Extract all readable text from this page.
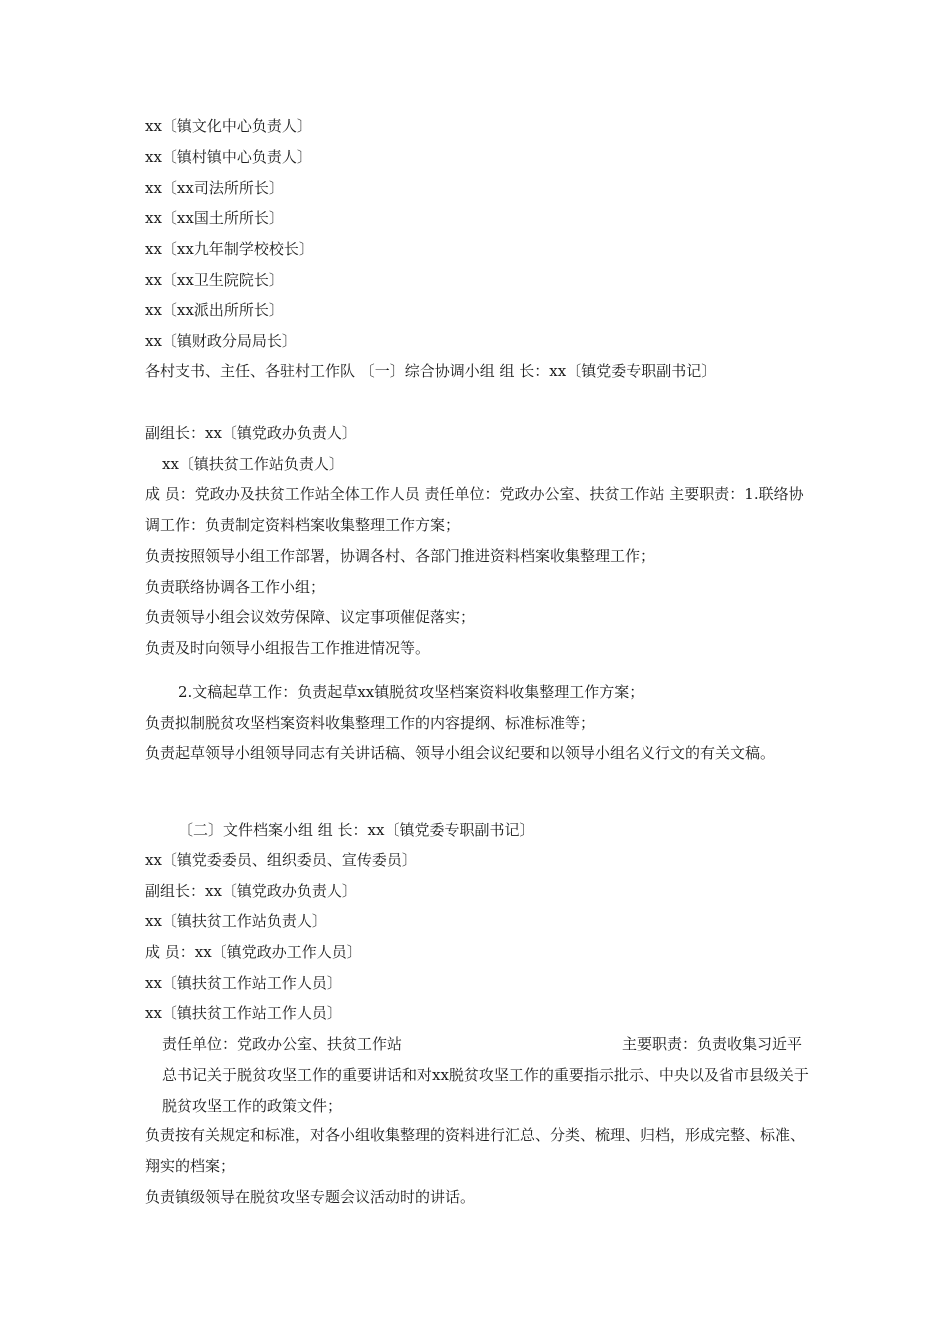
xx〔镇文化中心负责人〕
xx〔镇村镇中心负责人〕
xx〔xx司法所所长〕
xx〔xx国土所所长〕
xx〔xx九年制学校校长〕
xx〔xx卫生院院长〕
xx〔xx派出所所长〕
xx〔镇财政分局局长〕
各村支书、主任、各驻村工作队 〔一〕综合协调小组 组 长：xx〔镇党委专职副书记〕
副组长：xx〔镇党政办负责人〕
xx〔镇扶贫工作站负责人〕
成 员：党政办及扶贫工作站全体工作人员 责任单位：党政办公室、扶贫工作站 主要职责：1.联络协调工作：负责制定资料档案收集整理工作方案；
负责按照领导小组工作部署，协调各村、各部门推进资料档案收集整理工作；
负责联络协调各工作小组；
负责领导小组会议效劳保障、议定事项催促落实；
负责及时向领导小组报告工作推进情况等。
2.文稿起草工作：负责起草xx镇脱贫攻坚档案资料收集整理工作方案；
负责拟制脱贫攻坚档案资料收集整理工作的内容提纲、标准标准等；
负责起草领导小组领导同志有关讲话稿、领导小组会议纪要和以领导小组名义行文的有关文稿。
〔二〕文件档案小组 组 长：xx〔镇党委专职副书记〕
xx〔镇党委委员、组织委员、宣传委员〕
副组长：xx〔镇党政办负责人〕
xx〔镇扶贫工作站负责人〕
成 员：xx〔镇党政办工作人员〕
xx〔镇扶贫工作站工作人员〕
xx〔镇扶贫工作站工作人员〕
责任单位：党政办公室、扶贫工作站	主要职责：负责收集习近平总书记关于脱贫攻坚工作的重要讲话和对xx脱贫攻坚工作的重要指示批示、中央以及省市县级关于脱贫攻坚工作的政策文件；
负责按有关规定和标准，对各小组收集整理的资料进行汇总、分类、梳理、归档，形成完整、标准、翔实的档案；
负责镇级领导在脱贫攻坚专题会议活动时的讲话。
